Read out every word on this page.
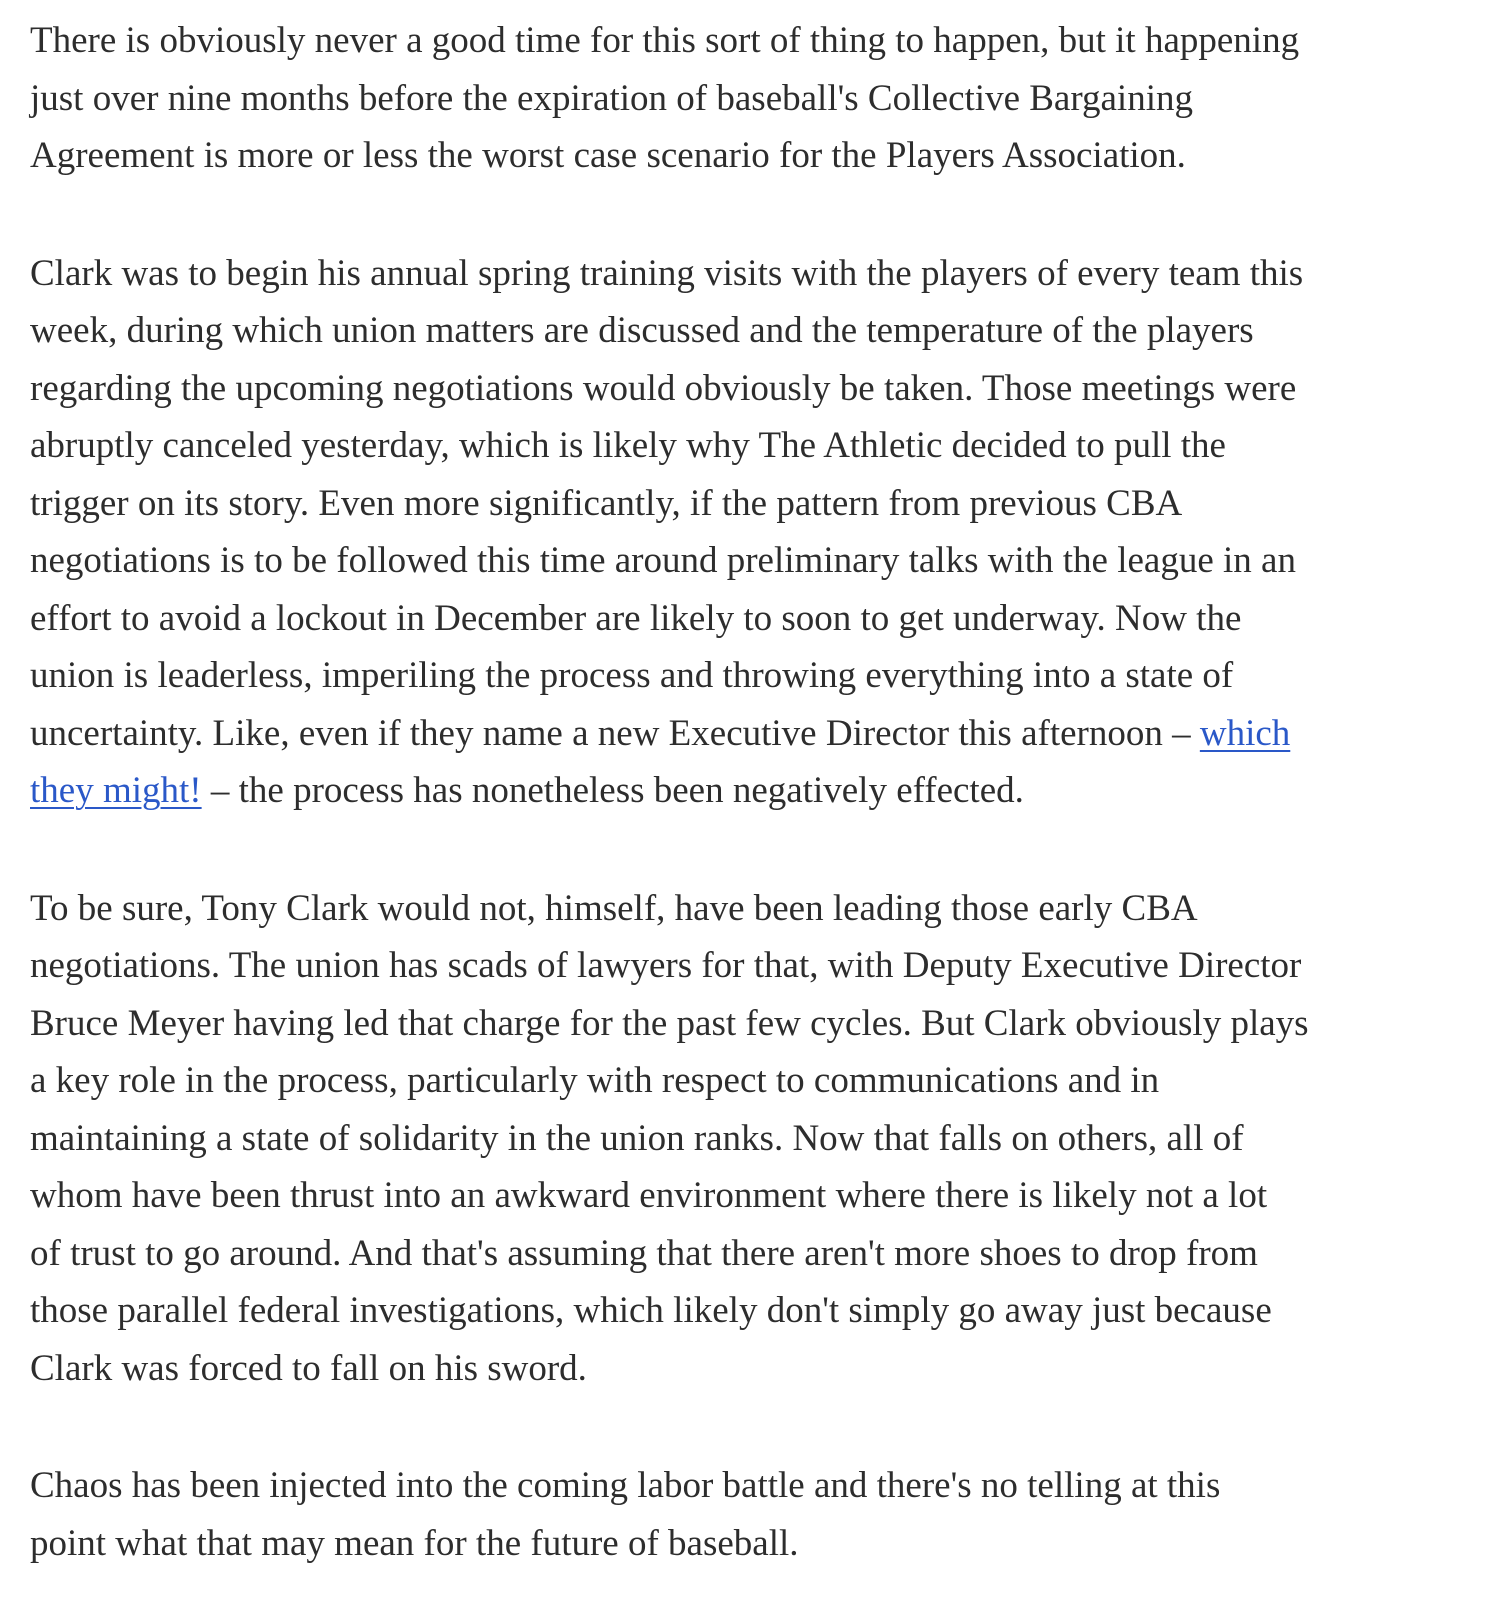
There is obviously never a good time for this sort of thing to happen, but it happening
just over nine months before the expiration of baseball's Collective Bargaining
Agreement is more or less the worst case scenario for the Players Association.

Clark was to begin his annual spring training visits with the players of every team this
week, during which union matters are discussed and the temperature of the players
regarding the upcoming negotiations would obviously be taken. Those meetings were
abruptly canceled yesterday, which is likely why The Athletic decided to pull the
trigger on its story. Even more significantly, if the pattern from previous CBA
negotiations is to be followed this time around preliminary talks with the league in an
effort to avoid a lockout in December are likely to soon to get underway. Now the
union is leaderless, imperiling the process and throwing everything into a state of
uncertainty. Like, even if they name a new Executive Director this afternoon – which
they might! – the process has nonetheless been negatively effected.

To be sure, Tony Clark would not, himself, have been leading those early CBA
negotiations. The union has scads of lawyers for that, with Deputy Executive Director
Bruce Meyer having led that charge for the past few cycles. But Clark obviously plays
a key role in the process, particularly with respect to communications and in
maintaining a state of solidarity in the union ranks. Now that falls on others, all of
whom have been thrust into an awkward environment where there is likely not a lot
of trust to go around. And that's assuming that there aren't more shoes to drop from
those parallel federal investigations, which likely don't simply go away just because
Clark was forced to fall on his sword.

Chaos has been injected into the coming labor battle and there's no telling at this
point what that may mean for the future of baseball.
